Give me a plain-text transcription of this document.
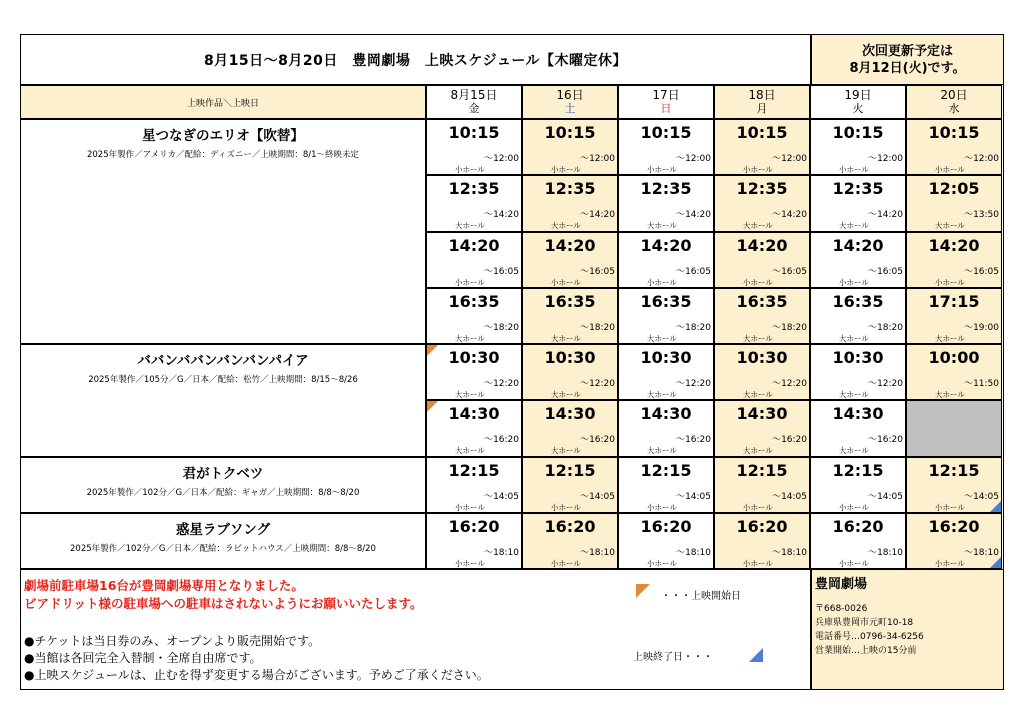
8月15日～8月20日　豊岡劇場　上映スケジュール【木曜定休】
次回更新予定は
8月12日(火)です。
上映作品＼上映日
8月15日
金
16日
土
17日
日
18日
月
19日
火
20日
水
星つなぎのエリオ【吹替】
2025年製作／アメリカ／配給：ディズニー／上映期間：8/1～終映未定
ババンババンバンバンパイア
2025年製作／105分／G／日本／配給：松竹／上映期間：8/15～8/26
君がトクベツ
2025年製作／102分／G／日本／配給：ギャガ／上映期間：8/8～8/20
惑星ラブソング
2025年製作／102分／G／日本／配給：ラビットハウス／上映期間：8/8～8/20
10:15
～12:00
小ホール
10:15
～12:00
小ホール
10:15
～12:00
小ホール
10:15
～12:00
小ホール
10:15
～12:00
小ホール
10:15
～12:00
小ホール
12:35
～14:20
大ホール
12:35
～14:20
大ホール
12:35
～14:20
大ホール
12:35
～14:20
大ホール
12:35
～14:20
大ホール
12:05
～13:50
大ホール
14:20
～16:05
小ホール
14:20
～16:05
小ホール
14:20
～16:05
小ホール
14:20
～16:05
小ホール
14:20
～16:05
小ホール
14:20
～16:05
小ホール
16:35
～18:20
大ホール
16:35
～18:20
大ホール
16:35
～18:20
大ホール
16:35
～18:20
大ホール
16:35
～18:20
大ホール
17:15
～19:00
大ホール
10:30
～12:20
大ホール
10:30
～12:20
大ホール
10:30
～12:20
大ホール
10:30
～12:20
大ホール
10:30
～12:20
大ホール
10:00
～11:50
大ホール
14:30
～16:20
大ホール
14:30
～16:20
大ホール
14:30
～16:20
大ホール
14:30
～16:20
大ホール
14:30
～16:20
大ホール
12:15
～14:05
小ホール
12:15
～14:05
小ホール
12:15
～14:05
小ホール
12:15
～14:05
小ホール
12:15
～14:05
小ホール
12:15
～14:05
小ホール
16:20
～18:10
小ホール
16:20
～18:10
小ホール
16:20
～18:10
小ホール
16:20
～18:10
小ホール
16:20
～18:10
小ホール
16:20
～18:10
小ホール
劇場前駐車場16台が豊岡劇場専用となりました。
ビアドリット様の駐車場への駐車はされないようにお願いいたします。
●チケットは当日券のみ、オープンより販売開始です。
●当館は各回完全入替制・全席自由席です。
●上映スケジュールは、止むを得ず変更する場合がございます。予めご了承ください。
・・・上映開始日
上映終了日・・・
豊岡劇場
〒668-0026
兵庫県豊岡市元町10-18
電話番号…0796-34-6256
営業開始…上映の15分前
